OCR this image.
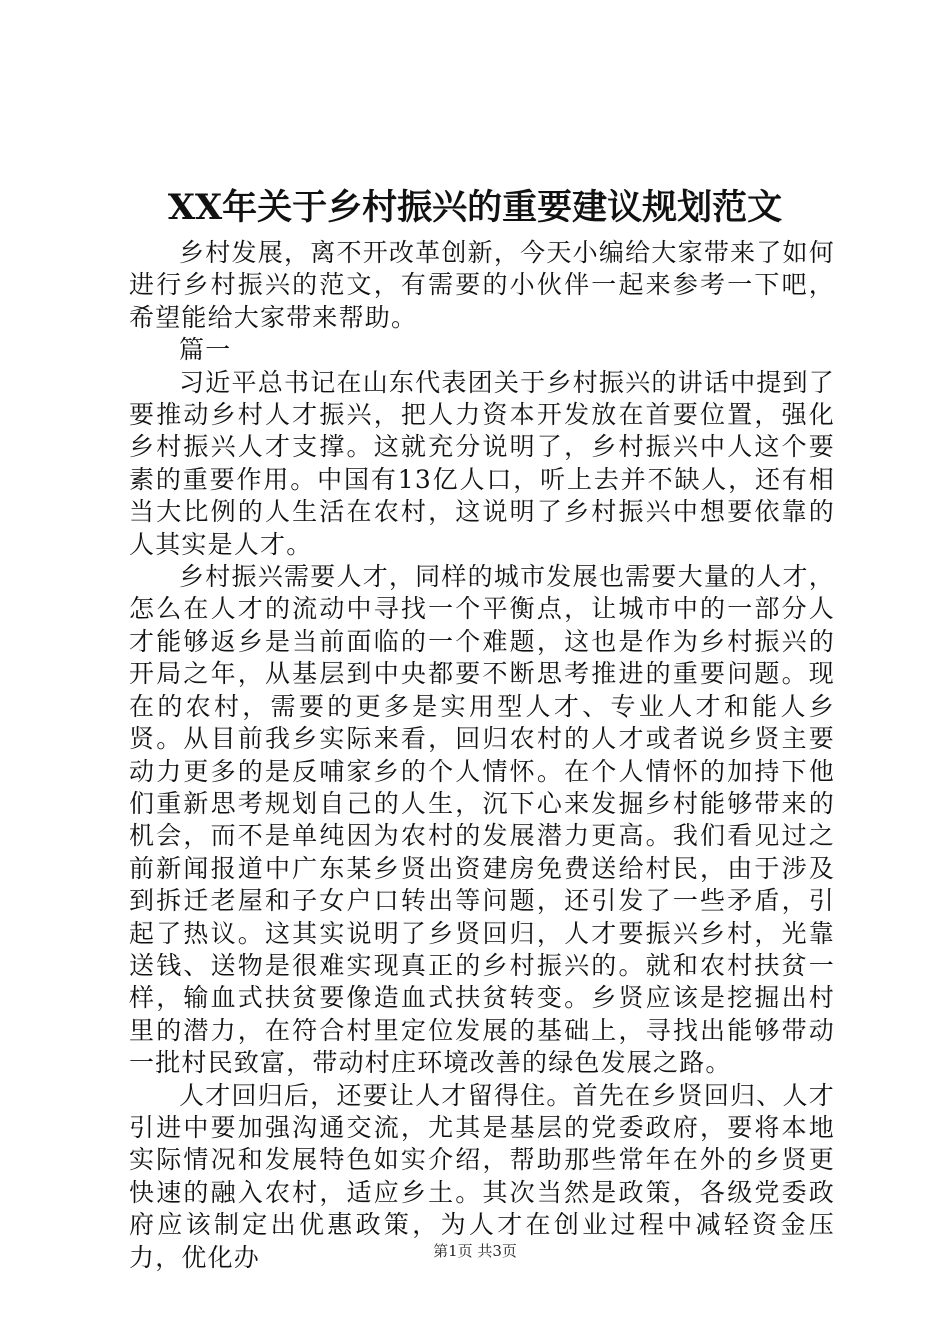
XX年关于乡村振兴的重要建议规划范文

乡村发展，离不开改革创新，今天小编给大家带来了如何进行乡村振兴的范文，有需要的小伙伴一起来参考一下吧，希望能给大家带来帮助。

篇一

习近平总书记在山东代表团关于乡村振兴的讲话中提到了要推动乡村人才振兴，把人力资本开发放在首要位置，强化乡村振兴人才支撑。这就充分说明了，乡村振兴中人这个要素的重要作用。中国有13亿人口，听上去并不缺人，还有相当大比例的人生活在农村，这说明了乡村振兴中想要依靠的人其实是人才。

乡村振兴需要人才，同样的城市发展也需要大量的人才，怎么在人才的流动中寻找一个平衡点，让城市中的一部分人才能够返乡是当前面临的一个难题，这也是作为乡村振兴的开局之年，从基层到中央都要不断思考推进的重要问题。现在的农村，需要的更多是实用型人才、专业人才和能人乡贤。从目前我乡实际来看，回归农村的人才或者说乡贤主要动力更多的是反哺家乡的个人情怀。在个人情怀的加持下他们重新思考规划自己的人生，沉下心来发掘乡村能够带来的机会，而不是单纯因为农村的发展潜力更高。我们看见过之前新闻报道中广东某乡贤出资建房免费送给村民，由于涉及到拆迁老屋和子女户口转出等问题，还引发了一些矛盾，引起了热议。这其实说明了乡贤回归，人才要振兴乡村，光靠送钱、送物是很难实现真正的乡村振兴的。就和农村扶贫一样，输血式扶贫要像造血式扶贫转变。乡贤应该是挖掘出村里的潜力，在符合村里定位发展的基础上，寻找出能够带动一批村民致富，带动村庄环境改善的绿色发展之路。

人才回归后，还要让人才留得住。首先在乡贤回归、人才引进中要加强沟通交流，尤其是基层的党委政府，要将本地实际情况和发展特色如实介绍，帮助那些常年在外的乡贤更快速的融入农村，适应乡土。其次当然是政策，各级党委政府应该制定出优惠政策，为人才在创业过程中减轻资金压力，优化办	第1页 共3页
